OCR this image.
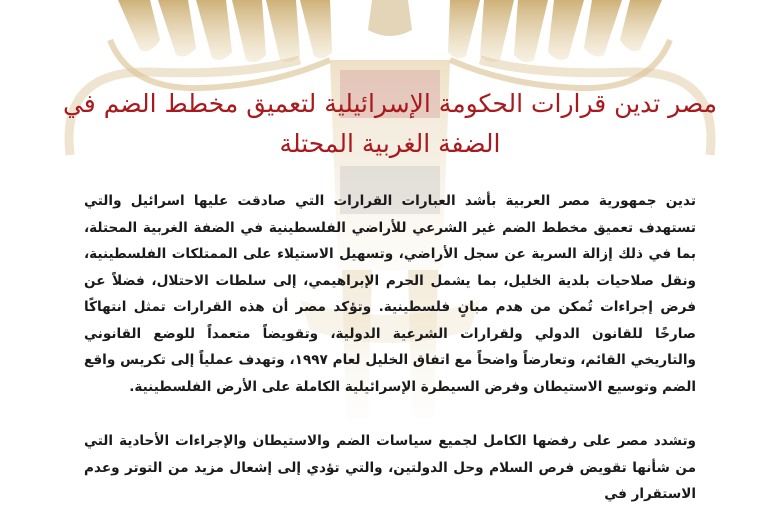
مصر تدين قرارات الحكومة الإسرائيلية لتعميق مخطط الضم في الضفة الغربية المحتلة

تدين جمهورية مصر العربية بأشد العبارات القرارات التي صادقت عليها اسرائيل والتي تستهدف تعميق مخطط الضم غير الشرعي للأراضي الفلسطينية في الضفة الغربية المحتلة، بما في ذلك إزالة السرية عن سجل الأراضي، وتسهيل الاستيلاء على الممتلكات الفلسطينية، ونقل صلاحيات بلدية الخليل، بما يشمل الحرم الإبراهيمي، إلى سلطات الاحتلال، فضلاً عن فرض إجراءات تُمكن من هدم مبانٍ فلسطينية. وتؤكد مصر أن هذه القرارات تمثل انتهاكًا صارخًا للقانون الدولي ولقرارات الشرعية الدولية، وتقويضاً متعمداً للوضع القانوني والتاريخي القائم، وتعارضاً واضحاً مع اتفاق الخليل لعام ١٩٩٧، وتهدف عملياً إلى تكريس واقع الضم وتوسيع الاستيطان وفرض السيطرة الإسرائيلية الكاملة على الأرض الفلسطينية.

وتشدد مصر على رفضها الكامل لجميع سياسات الضم والاستيطان والإجراءات الأحادية التي من شأنها تقويض فرص السلام وحل الدولتين، والتي تؤدي إلى إشعال مزيد من التوتر وعدم الاستقرار في
